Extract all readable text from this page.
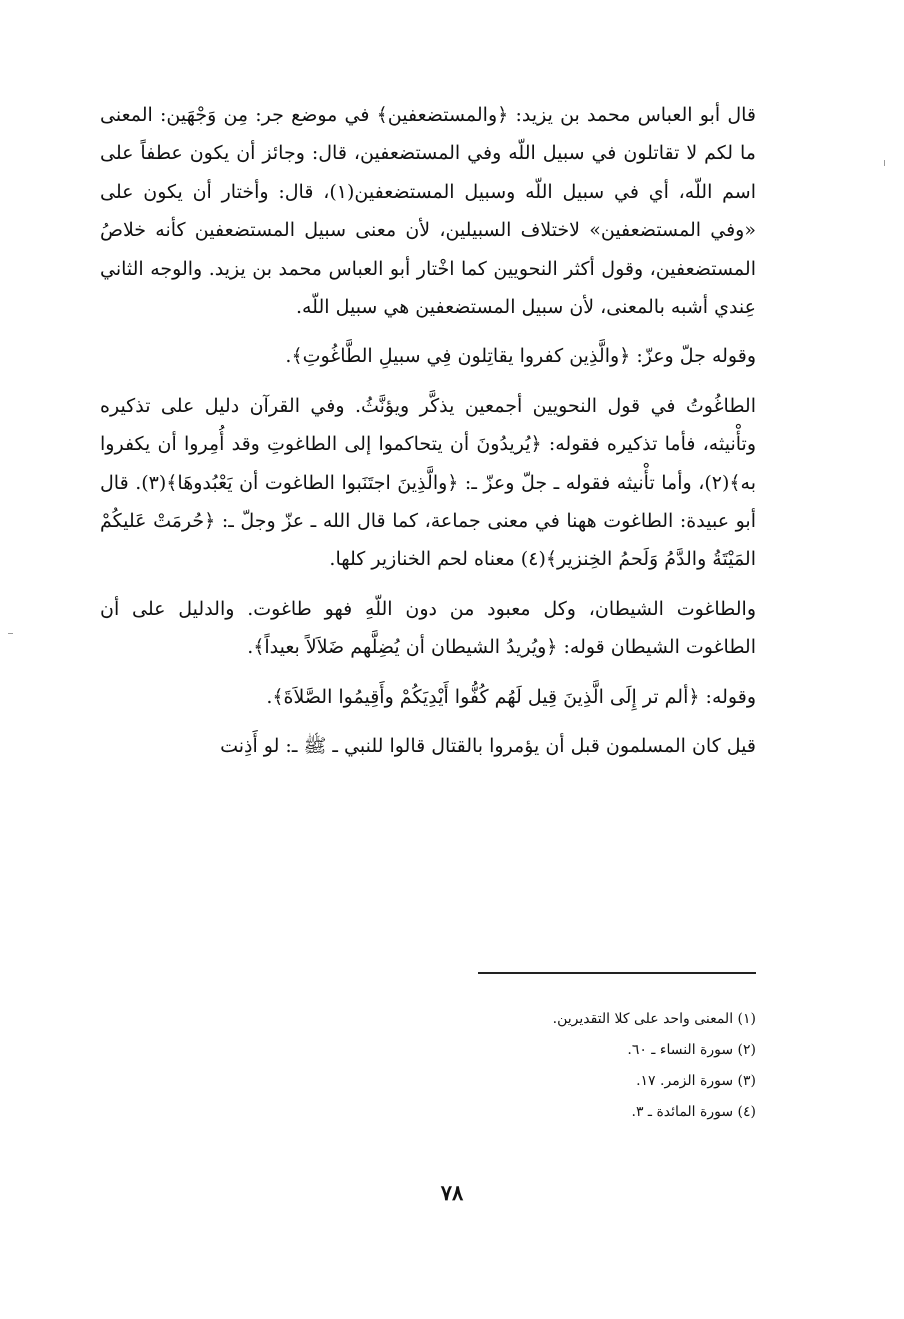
قال أبو العباس محمد بن يزيد: ﴿والمستضعفين﴾ في موضع جر: مِن وَجْهَين: المعنى ما لكم لا تقاتلون في سبيل اللّه وفي المستضعفين، قال: وجائز أن يكون عطفاً على اسم اللّه، أي في سبيل اللّه وسبيل المستضعفين(١)، قال: وأختار أن يكون على «وفي المستضعفين» لاختلاف السبيلين، لأن معنى سبيل المستضعفين كأنه خلاصُ المستضعفين، وقول أكثر النحويين كما اخْتار أبو العباس محمد بن يزيد. والوجه الثاني عِندي أشبه بالمعنى، لأن سبيل المستضعفين هي سبيل اللّه.

وقوله جلّ وعزّ: ﴿والَّذِين كفروا يقاتِلون فِي سبيلِ الطَّاغُوتِ﴾.

الطاغُوتُ في قول النحويين أجمعين يذكَّر ويؤنَّثُ. وفي القرآن دليل على تذكيره وتأْنيثه، فأما تذكيره فقوله: ﴿يُريدُونَ أن يتحاكموا إلى الطاغوتِ وقد أُمِروا أن يكفروا به﴾(٢)، وأما تأْنيثه فقوله ـ جلّ وعزّ ـ: ﴿والَّذِينَ اجتَنَبوا الطاغوت أن يَعْبُدوهَا﴾(٣). قال أبو عبيدة: الطاغوت ههنا في معنى جماعة، كما قال الله ـ عزّ وجلّ ـ: ﴿حُرمَتْ عَليكُمْ المَيْتَةُ والدَّمُ وَلَحمُ الخِنزير﴾(٤) معناه لحم الخنازير كلها.

والطاغوت الشيطان، وكل معبود من دون اللّهِ فهو طاغوت. والدليل على أن الطاغوت الشيطان قوله: ﴿ويُريدُ الشيطان أن يُضِلَّهم ضَلاَلاً بعيداً﴾.

وقوله: ﴿ألم تر إِلَى الَّذِينَ قِيل لَهُم كُفُّوا أَيْدِيَكُمْ وأَقِيمُوا الصَّلاَةَ﴾.

قيل كان المسلمون قبل أن يؤمروا بالقتال قالوا للنبي ـ ﷺ ـ: لو أَذِنت

(١) المعنى واحد على كلا التقديرين.

(٢) سورة النساء ـ ٦٠.

(٣) سورة الزمر. ١٧.

(٤) سورة المائدة ـ ٣.

٧٨
